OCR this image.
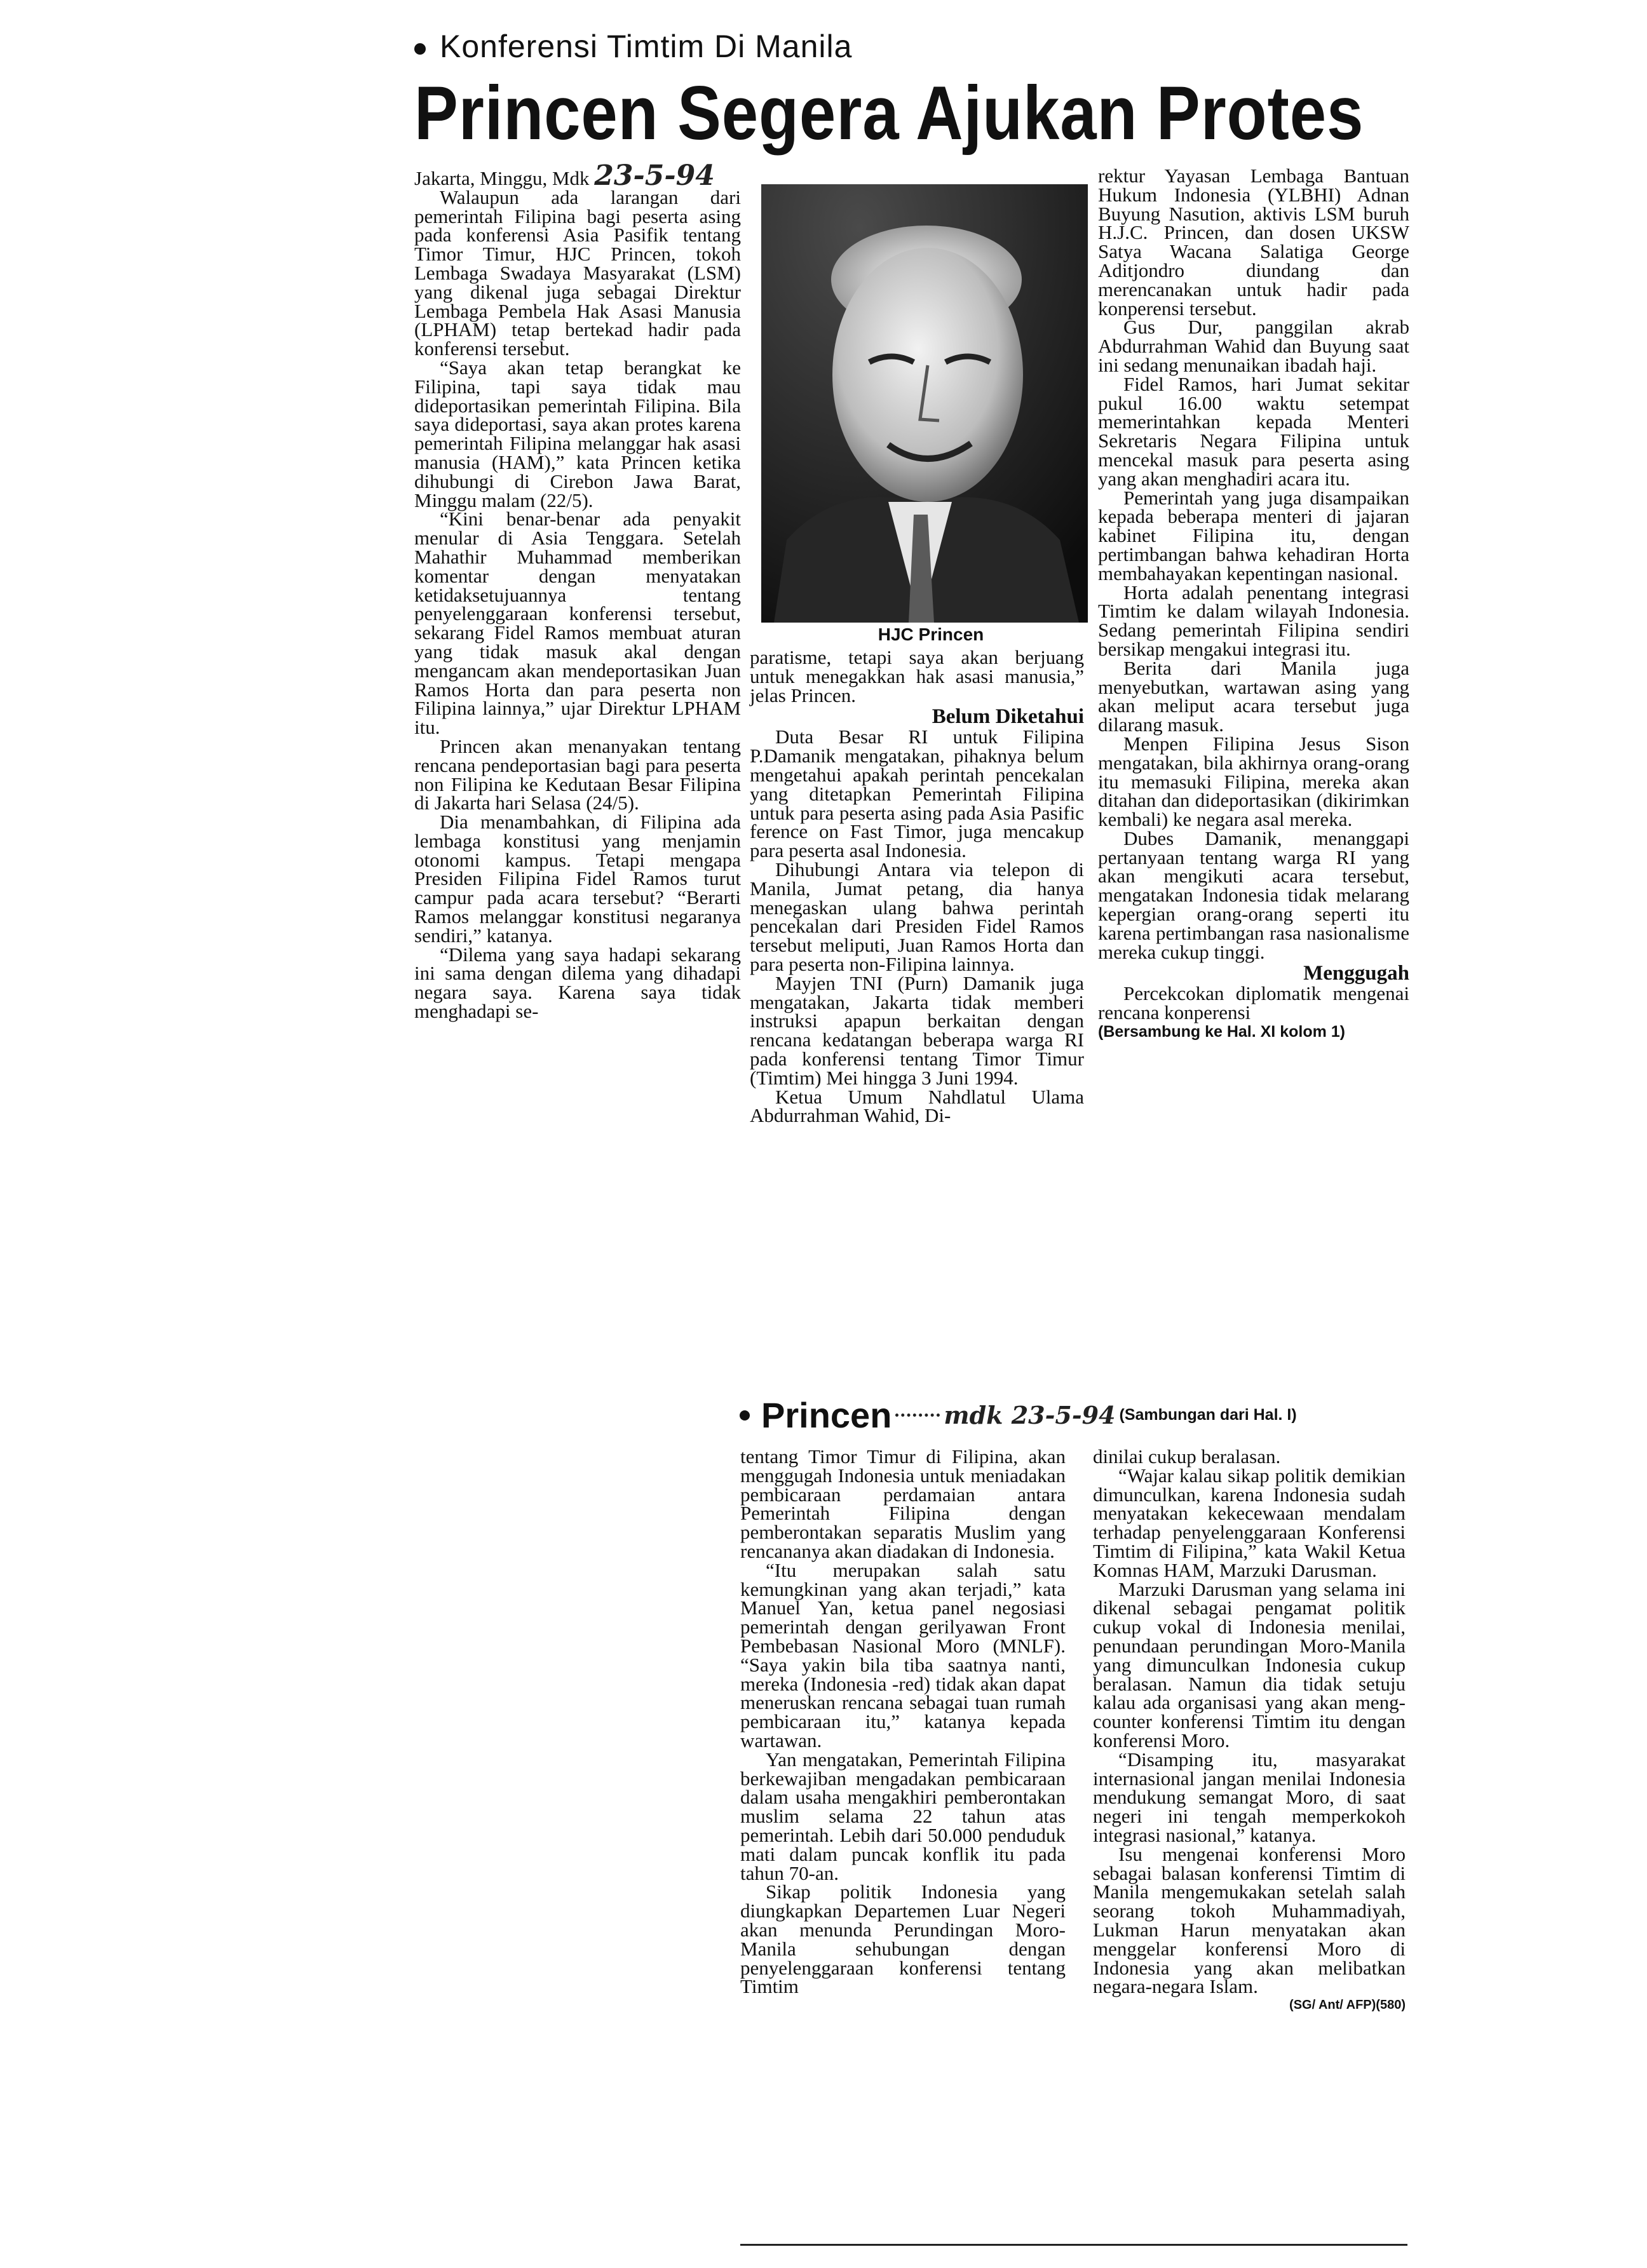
Konferensi Timtim Di Manila
Princen Segera Ajukan Protes

Jakarta, Minggu, Mdk 23-5-94

Walaupun ada larangan dari pemerintah Filipina bagi peserta asing pada konferensi Asia Pasifik tentang Timor Timur, HJC Princen, tokoh Lembaga Swadaya Masyarakat (LSM) yang dikenal juga sebagai Direktur Lembaga Pembela Hak Asasi Manusia (LPHAM) tetap bertekad hadir pada konferensi tersebut.

“Saya akan tetap berangkat ke Filipina, tapi saya tidak mau dideportasikan pemerintah Filipina. Bila saya dideportasi, saya akan protes karena pemerintah Filipina melanggar hak asasi manusia (HAM),” kata Princen ketika dihubungi di Cirebon Jawa Barat, Minggu malam (22/5).

“Kini benar-benar ada penyakit menular di Asia Tenggara. Setelah Mahathir Muhammad memberikan komentar dengan menyatakan ketidaksetujuannya tentang penyelenggaraan konferensi tersebut, sekarang Fidel Ramos membuat aturan yang tidak masuk akal dengan mengancam akan mendeportasikan Juan Ramos Horta dan para peserta non Filipina lainnya,” ujar Direktur LPHAM itu.

Princen akan menanyakan tentang rencana pendeportasian bagi para peserta non Filipina ke Kedutaan Besar Filipina di Jakarta hari Selasa (24/5).

Dia menambahkan, di Filipina ada lembaga konstitusi yang menjamin otonomi kampus. Tetapi mengapa Presiden Filipina Fidel Ramos turut campur pada acara tersebut? “Berarti Ramos melanggar konstitusi negaranya sendiri,” katanya.

“Dilema yang saya hadapi sekarang ini sama dengan dilema yang dihadapi negara saya. Karena saya tidak menghadapi se-

HJC Princen

paratisme, tetapi saya akan berjuang untuk menegakkan hak asasi manusia,” jelas Princen.

Belum Diketahui

Duta Besar RI untuk Filipina P.Damanik mengatakan, pihaknya belum mengetahui apakah perintah pencekalan yang ditetapkan Pemerintah Filipina untuk para peserta asing pada Asia Pasific ference on Fast Timor, juga mencakup para peserta asal Indonesia.

Dihubungi Antara via telepon di Manila, Jumat petang, dia hanya menegaskan ulang bahwa perintah pencekalan dari Presiden Fidel Ramos tersebut meliputi, Juan Ramos Horta dan para peserta non-Filipina lainnya.

Mayjen TNI (Purn) Damanik juga mengatakan, Jakarta tidak memberi instruksi apapun berkaitan dengan rencana kedatangan beberapa warga RI pada konferensi tentang Timor Timur (Timtim) Mei hingga 3 Juni 1994.

Ketua Umum Nahdlatul Ulama Abdurrahman Wahid, Di-

rektur Yayasan Lembaga Bantuan Hukum Indonesia (YLBHI) Adnan Buyung Nasution, aktivis LSM buruh H.J.C. Princen, dan dosen UKSW Satya Wacana Salatiga George Aditjondro diundang dan merencanakan untuk hadir pada konperensi tersebut.

Gus Dur, panggilan akrab Abdurrahman Wahid dan Buyung saat ini sedang menunaikan ibadah haji.

Fidel Ramos, hari Jumat sekitar pukul 16.00 waktu setempat memerintahkan kepada Menteri Sekretaris Negara Filipina untuk mencekal masuk para peserta asing yang akan menghadiri acara itu.

Pemerintah yang juga disampaikan kepada beberapa menteri di jajaran kabinet Filipina itu, dengan pertimbangan bahwa kehadiran Horta membahayakan kepentingan nasional.

Horta adalah penentang integrasi Timtim ke dalam wilayah Indonesia. Sedang pemerintah Filipina sendiri bersikap mengakui integrasi itu.

Berita dari Manila juga menyebutkan, wartawan asing yang akan meliput acara tersebut juga dilarang masuk.

Menpen Filipina Jesus Sison mengatakan, bila akhirnya orang-orang itu memasuki Filipina, mereka akan ditahan dan dideportasikan (dikirimkan kembali) ke negara asal mereka.

Dubes Damanik, menanggapi pertanyaan tentang warga RI yang akan mengikuti acara tersebut, mengatakan Indonesia tidak melarang kepergian orang-orang seperti itu karena pertimbangan rasa nasionalisme mereka cukup tinggi.

Menggugah

Percekcokan diplomatik mengenai rencana konperensi

(Bersambung ke Hal. XI kolom 1)
Princen mdk 23-5-94 (Sambungan dari Hal. I)

tentang Timor Timur di Filipina, akan menggugah Indonesia untuk meniadakan pembicaraan perdamaian antara Pemerintah Filipina dengan pemberontakan separatis Muslim yang rencananya akan diadakan di Indonesia.

“Itu merupakan salah satu kemungkinan yang akan terjadi,” kata Manuel Yan, ketua panel negosiasi pemerintah dengan gerilyawan Front Pembebasan Nasional Moro (MNLF). “Saya yakin bila tiba saatnya nanti, mereka (Indonesia -red) tidak akan dapat meneruskan rencana sebagai tuan rumah pembicaraan itu,” katanya kepada wartawan.

Yan mengatakan, Pemerintah Filipina berkewajiban mengadakan pembicaraan dalam usaha mengakhiri pemberontakan muslim selama 22 tahun atas pemerintah. Lebih dari 50.000 penduduk mati dalam puncak konflik itu pada tahun 70-an.

Sikap politik Indonesia yang diungkapkan Departemen Luar Negeri akan menunda Perundingan Moro-Manila sehubungan dengan penyelenggaraan konferensi tentang Timtim

dinilai cukup beralasan.

“Wajar kalau sikap politik demikian dimunculkan, karena Indonesia sudah menyatakan kekecewaan mendalam terhadap penyelenggaraan Konferensi Timtim di Filipina,” kata Wakil Ketua Komnas HAM, Marzuki Darusman.

Marzuki Darusman yang selama ini dikenal sebagai pengamat politik cukup vokal di Indonesia menilai, penundaan perundingan Moro-Manila yang dimunculkan Indonesia cukup beralasan. Namun dia tidak setuju kalau ada organisasi yang akan meng-counter konferensi Timtim itu dengan konferensi Moro.

“Disamping itu, masyarakat internasional jangan menilai Indonesia mendukung semangat Moro, di saat negeri ini tengah memperkokoh integrasi nasional,” katanya.

Isu mengenai konferensi Moro sebagai balasan konferensi Timtim di Manila mengemukakan setelah salah seorang tokoh Muhammadiyah, Lukman Harun menyatakan akan menggelar konferensi Moro di Indonesia yang akan melibatkan negara-negara Islam.

(SG/ Ant/ AFP)(580)
